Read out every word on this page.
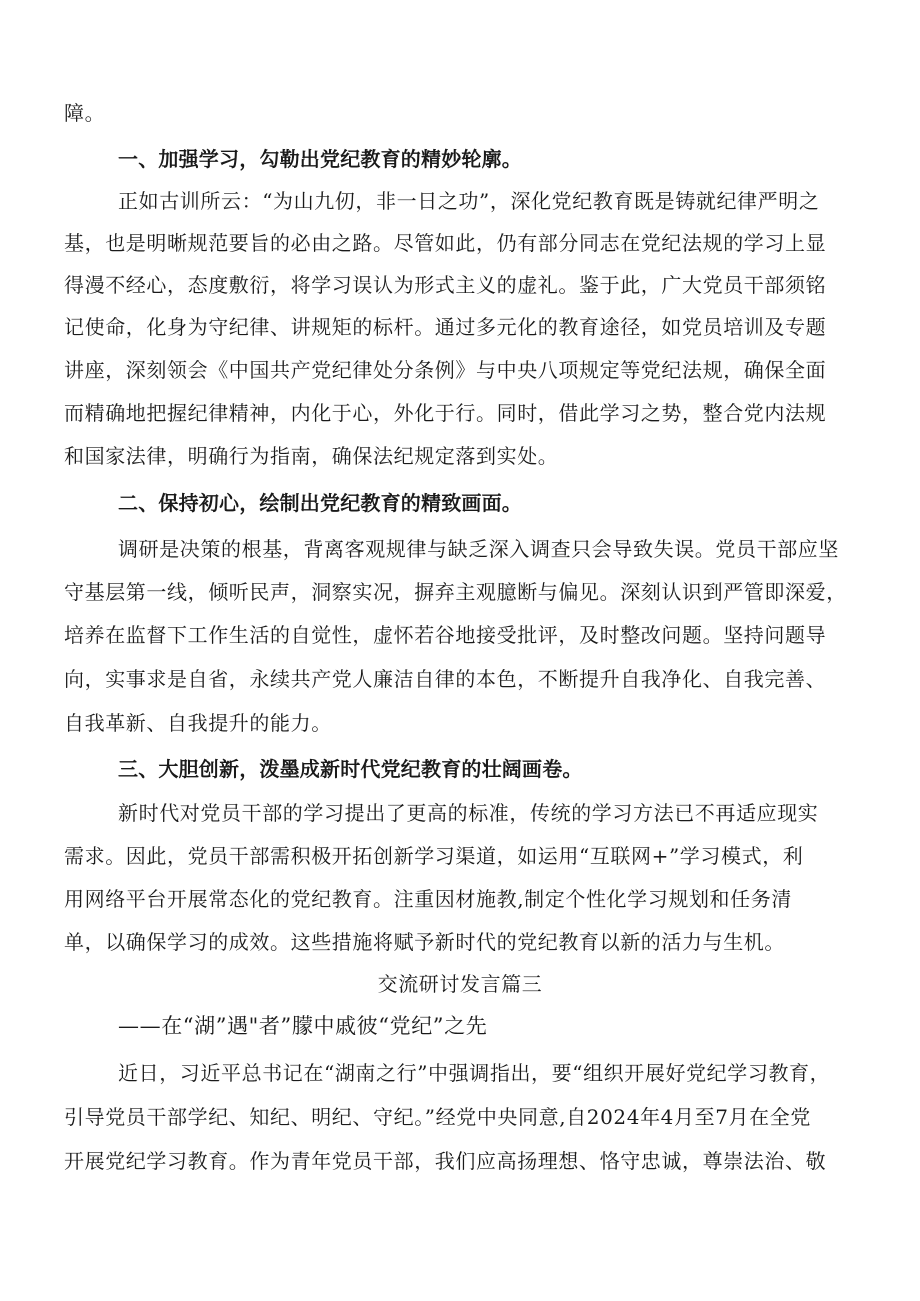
障。
一、加强学习，勾勒出党纪教育的精妙轮廓。
正如古训所云：“为山九仞，非一日之功”，深化党纪教育既是铸就纪律严明之
基，也是明晰规范要旨的必由之路。尽管如此，仍有部分同志在党纪法规的学习上显
得漫不经心，态度敷衍，将学习误认为形式主义的虚礼。鉴于此，广大党员干部须铭
记使命，化身为守纪律、讲规矩的标杆。通过多元化的教育途径，如党员培训及专题
讲座，深刻领会《中国共产党纪律处分条例》与中央八项规定等党纪法规，确保全面
而精确地把握纪律精神，内化于心，外化于行。同时，借此学习之势，整合党内法规
和国家法律，明确行为指南，确保法纪规定落到实处。
二、保持初心，绘制出党纪教育的精致画面。
调研是决策的根基，背离客观规律与缺乏深入调查只会导致失误。党员干部应坚
守基层第一线，倾听民声，洞察实况，摒弃主观臆断与偏见。深刻认识到严管即深爱，
培养在监督下工作生活的自觉性，虚怀若谷地接受批评，及时整改问题。坚持问题导
向，实事求是自省，永续共产党人廉洁自律的本色，不断提升自我净化、自我完善、
自我革新、自我提升的能力。
三、大胆创新，泼墨成新时代党纪教育的壮阔画卷。
新时代对党员干部的学习提出了更高的标准，传统的学习方法已不再适应现实
需求。因此，党员干部需积极开拓创新学习渠道，如运用“互联网+”学习模式，利
用网络平台开展常态化的党纪教育。注重因材施教,制定个性化学习规划和任务清
单，以确保学习的成效。这些措施将赋予新时代的党纪教育以新的活力与生机。
交流研讨发言篇三
——在“湖”遇"者”朦中戚彼“党纪”之先
近日，习近平总书记在“湖南之行”中强调指出，要“组织开展好党纪学习教育，
引导党员干部学纪、知纪、明纪、守纪。”经党中央同意,自2024年4月至7月在全党
开展党纪学习教育。作为青年党员干部，我们应高扬理想、恪守忠诚，尊崇法治、敬
